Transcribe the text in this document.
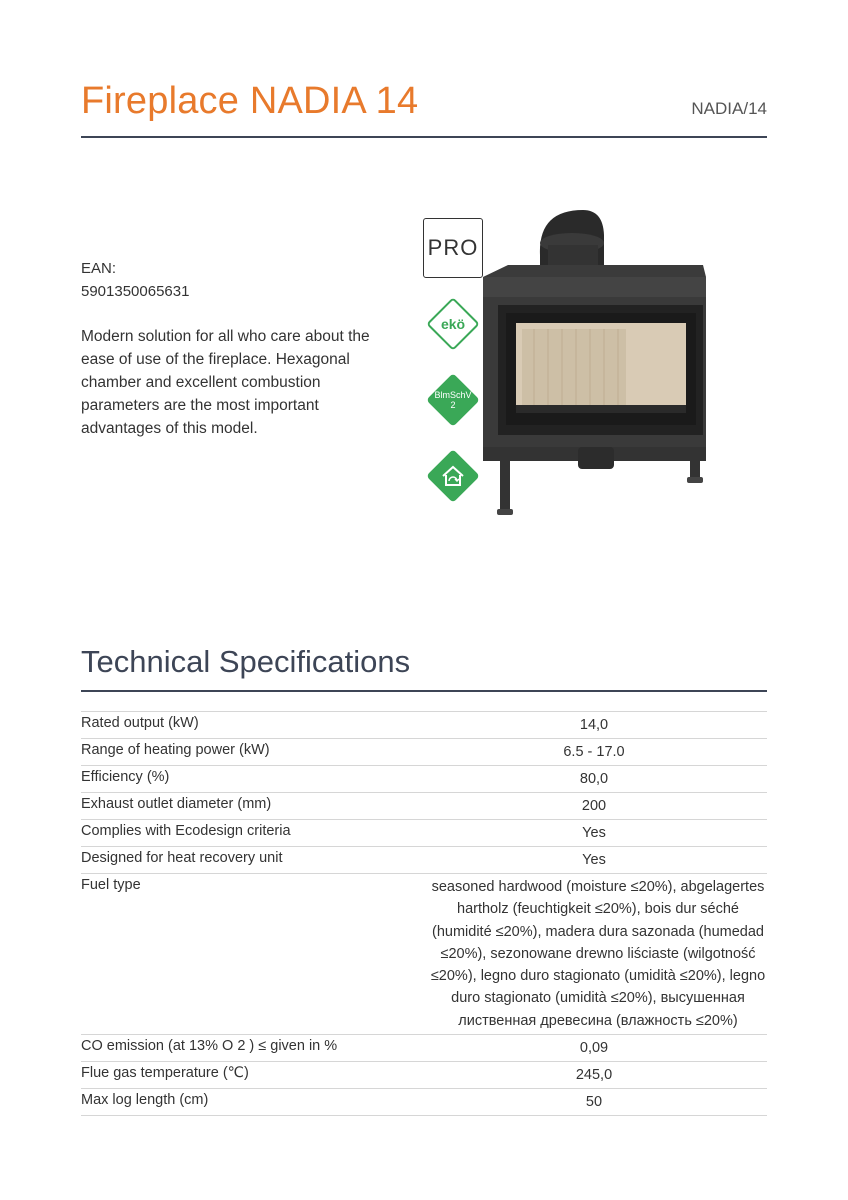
Fireplace NADIA 14	NADIA/14
EAN:
5901350065631
Modern solution for all who care about the ease of use of the fireplace. Hexagonal chamber and excellent combustion parameters are the most important advantages of this model.
PRO
ekö
BlmSchV
2
Technical Specifications
Rated output (kW)	14,0
Range of heating power (kW)	6.5 - 17.0
Efficiency (%)	80,0
Exhaust outlet diameter (mm)	200
Complies with Ecodesign criteria	Yes
Designed for heat recovery unit	Yes
Fuel type	seasoned hardwood (moisture ≤20%), abgelagertes hartholz (feuchtigkeit ≤20%), bois dur séché (humidité ≤20%), madera dura sazonada (humedad ≤20%), sezonowane drewno liściaste (wilgotność ≤20%), legno duro stagionato (umidità ≤20%), legno duro stagionato (umidità ≤20%), высушенная лиственная древесина (влажность ≤20%)
CO emission (at 13% O 2 ) ≤ given in %	0,09
Flue gas temperature (℃)	245,0
Max log length (cm)	50
